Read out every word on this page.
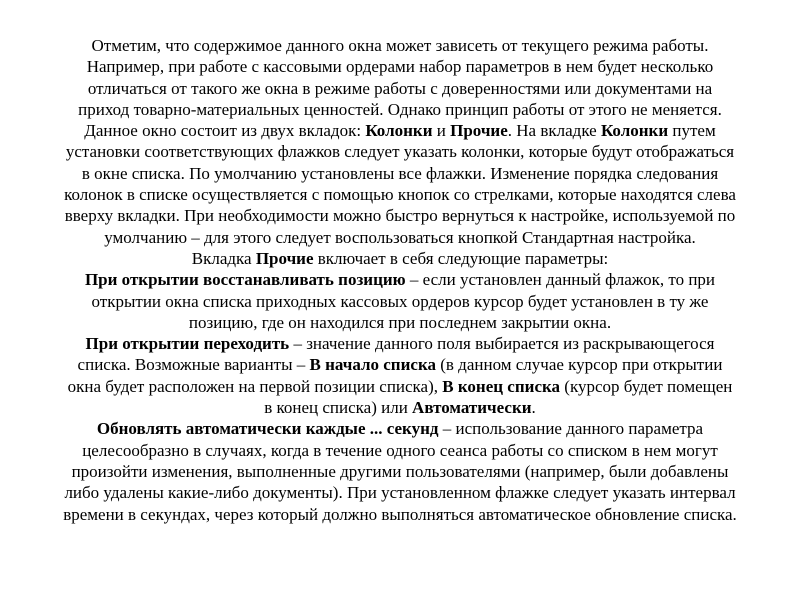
Отметим, что содержимое данного окна может зависеть от текущего режима работы.
Например, при работе с кассовыми ордерами набор параметров в нем будет несколько
отличаться от такого же окна в режиме работы с доверенностями или документами на
приход товарно-материальных ценностей. Однако принцип работы от этого не меняется.
Данное окно состоит из двух вкладок: Колонки и Прочие. На вкладке Колонки путем
установки соответствующих флажков следует указать колонки, которые будут отображаться
в окне списка. По умолчанию установлены все флажки. Изменение порядка следования
колонок в списке осуществляется с помощью кнопок со стрелками, которые находятся слева
вверху вкладки. При необходимости можно быстро вернуться к настройке, используемой по
умолчанию – для этого следует воспользоваться кнопкой Стандартная настройка.
Вкладка Прочие включает в себя следующие параметры:
При открытии восстанавливать позицию – если установлен данный флажок, то при
открытии окна списка приходных кассовых ордеров курсор будет установлен в ту же
позицию, где он находился при последнем закрытии окна.
При открытии переходить – значение данного поля выбирается из раскрывающегося
списка. Возможные варианты – В начало списка (в данном случае курсор при открытии
окна будет расположен на первой позиции списка), В конец списка (курсор будет помещен
в конец списка) или Автоматически.
Обновлять автоматически каждые ... секунд – использование данного параметра
целесообразно в случаях, когда в течение одного сеанса работы со списком в нем могут
произойти изменения, выполненные другими пользователями (например, были добавлены
либо удалены какие-либо документы). При установленном флажке следует указать интервал
времени в секундах, через который должно выполняться автоматическое обновление списка.
